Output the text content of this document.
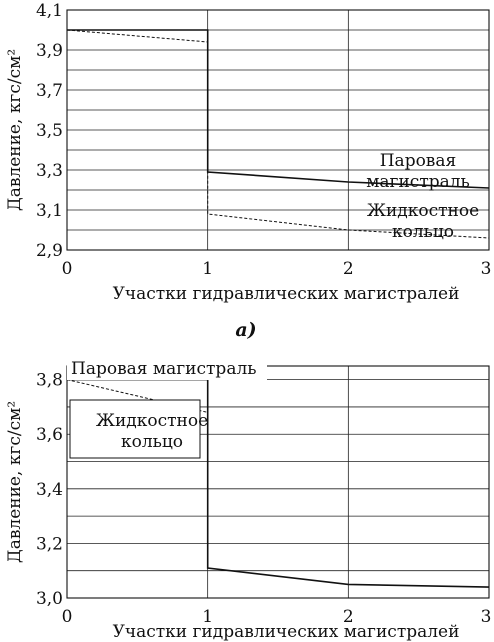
а)
2,9
3,1
3,3
3,5
3,7
3,9
4,1
0	1	2	3
Участки гидравлических магистралей
Давление, кгс/см²	Паровая
магистраль
Жидкостное
кольцо
3,0
3,2
3,4
3,6
3,8
0	1	2	3
Участки гидравлических магистралей
Давление, кгс/см²
Паровая магистраль
Жидкостное
кольцо
